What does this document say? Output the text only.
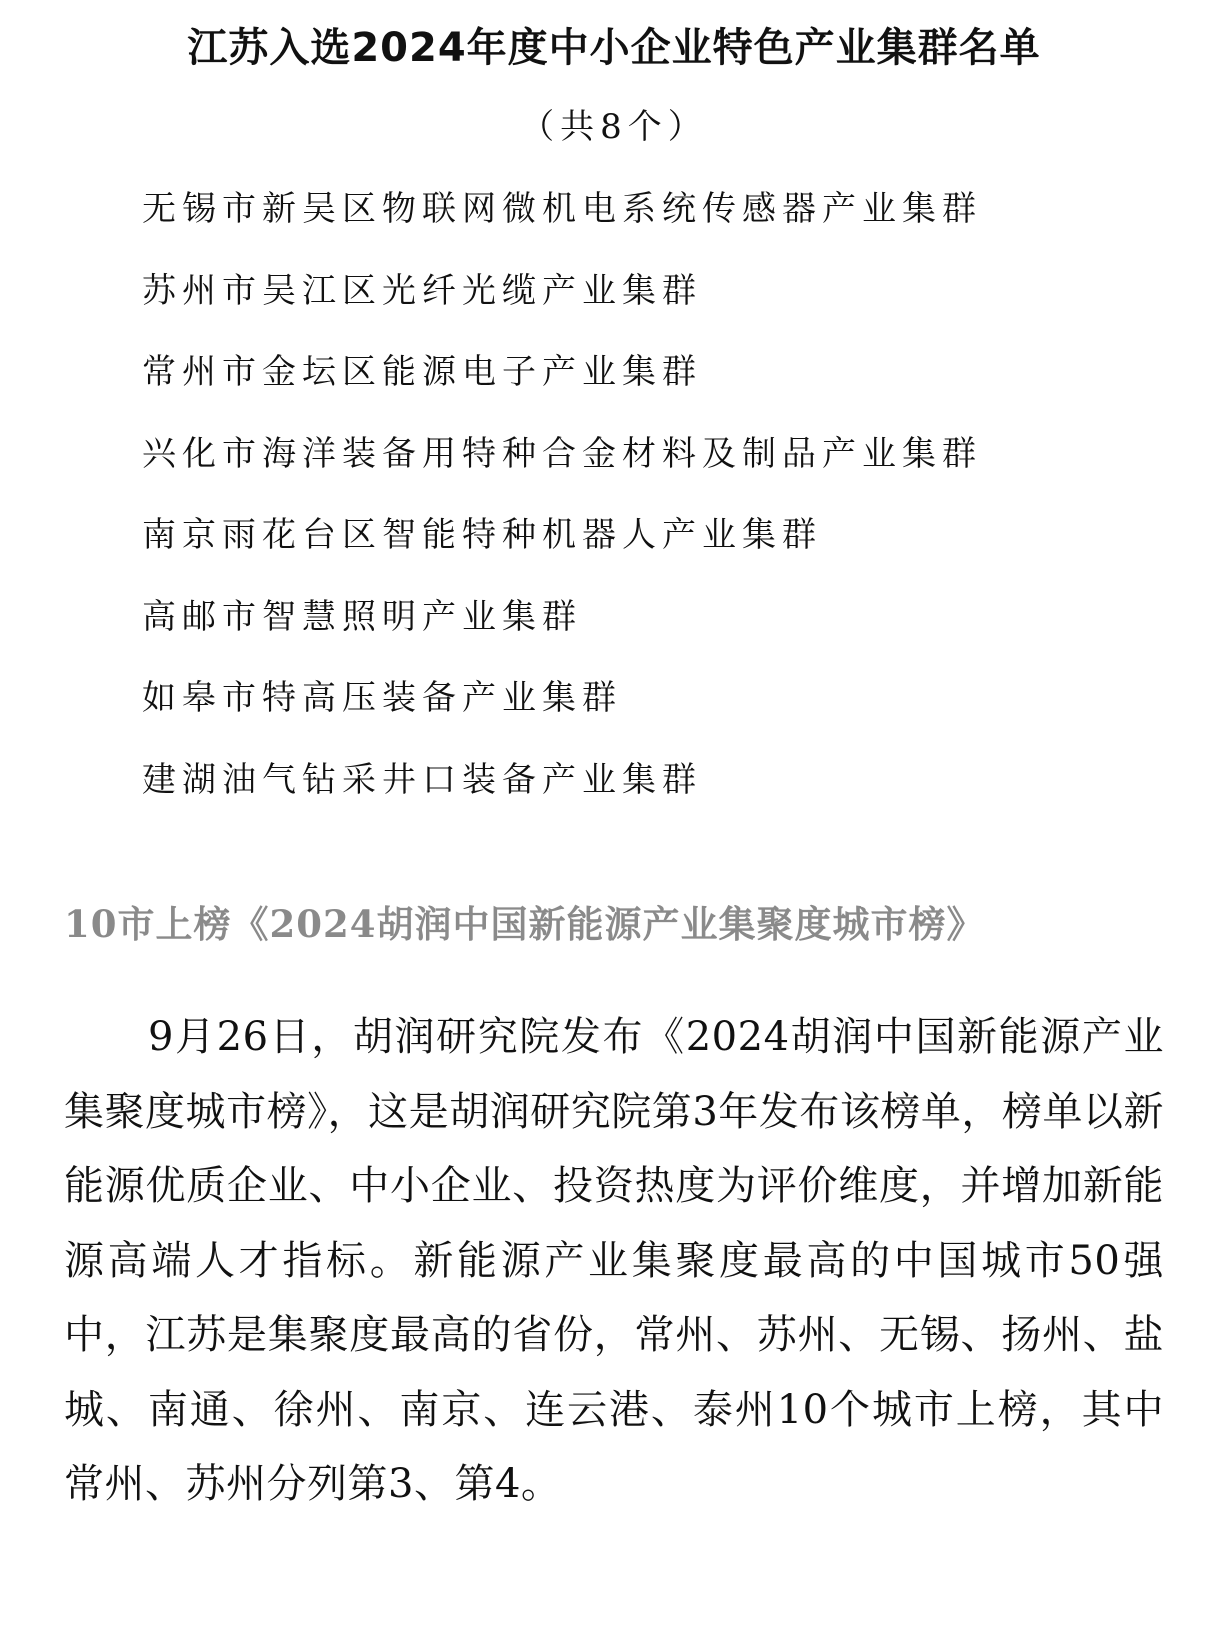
江苏入选2024年度中小企业特色产业集群名单
（共8个）
无锡市新吴区物联网微机电系统传感器产业集群
苏州市吴江区光纤光缆产业集群
常州市金坛区能源电子产业集群
兴化市海洋装备用特种合金材料及制品产业集群
南京雨花台区智能特种机器人产业集群
高邮市智慧照明产业集群
如皋市特高压装备产业集群
建湖油气钻采井口装备产业集群
10市上榜《2024胡润中国新能源产业集聚度城市榜》

9月26日，胡润研究院发布《2024胡润中国新能源产业集聚度城市榜》，这是胡润研究院第3年发布该榜单，榜单以新能源优质企业、中小企业、投资热度为评价维度，并增加新能源高端人才指标。新能源产业集聚度最高的中国城市50强中，江苏是集聚度最高的省份，常州、苏州、无锡、扬州、盐城、南通、徐州、南京、连云港、泰州10个城市上榜，其中常州、苏州分列第3、第4。
